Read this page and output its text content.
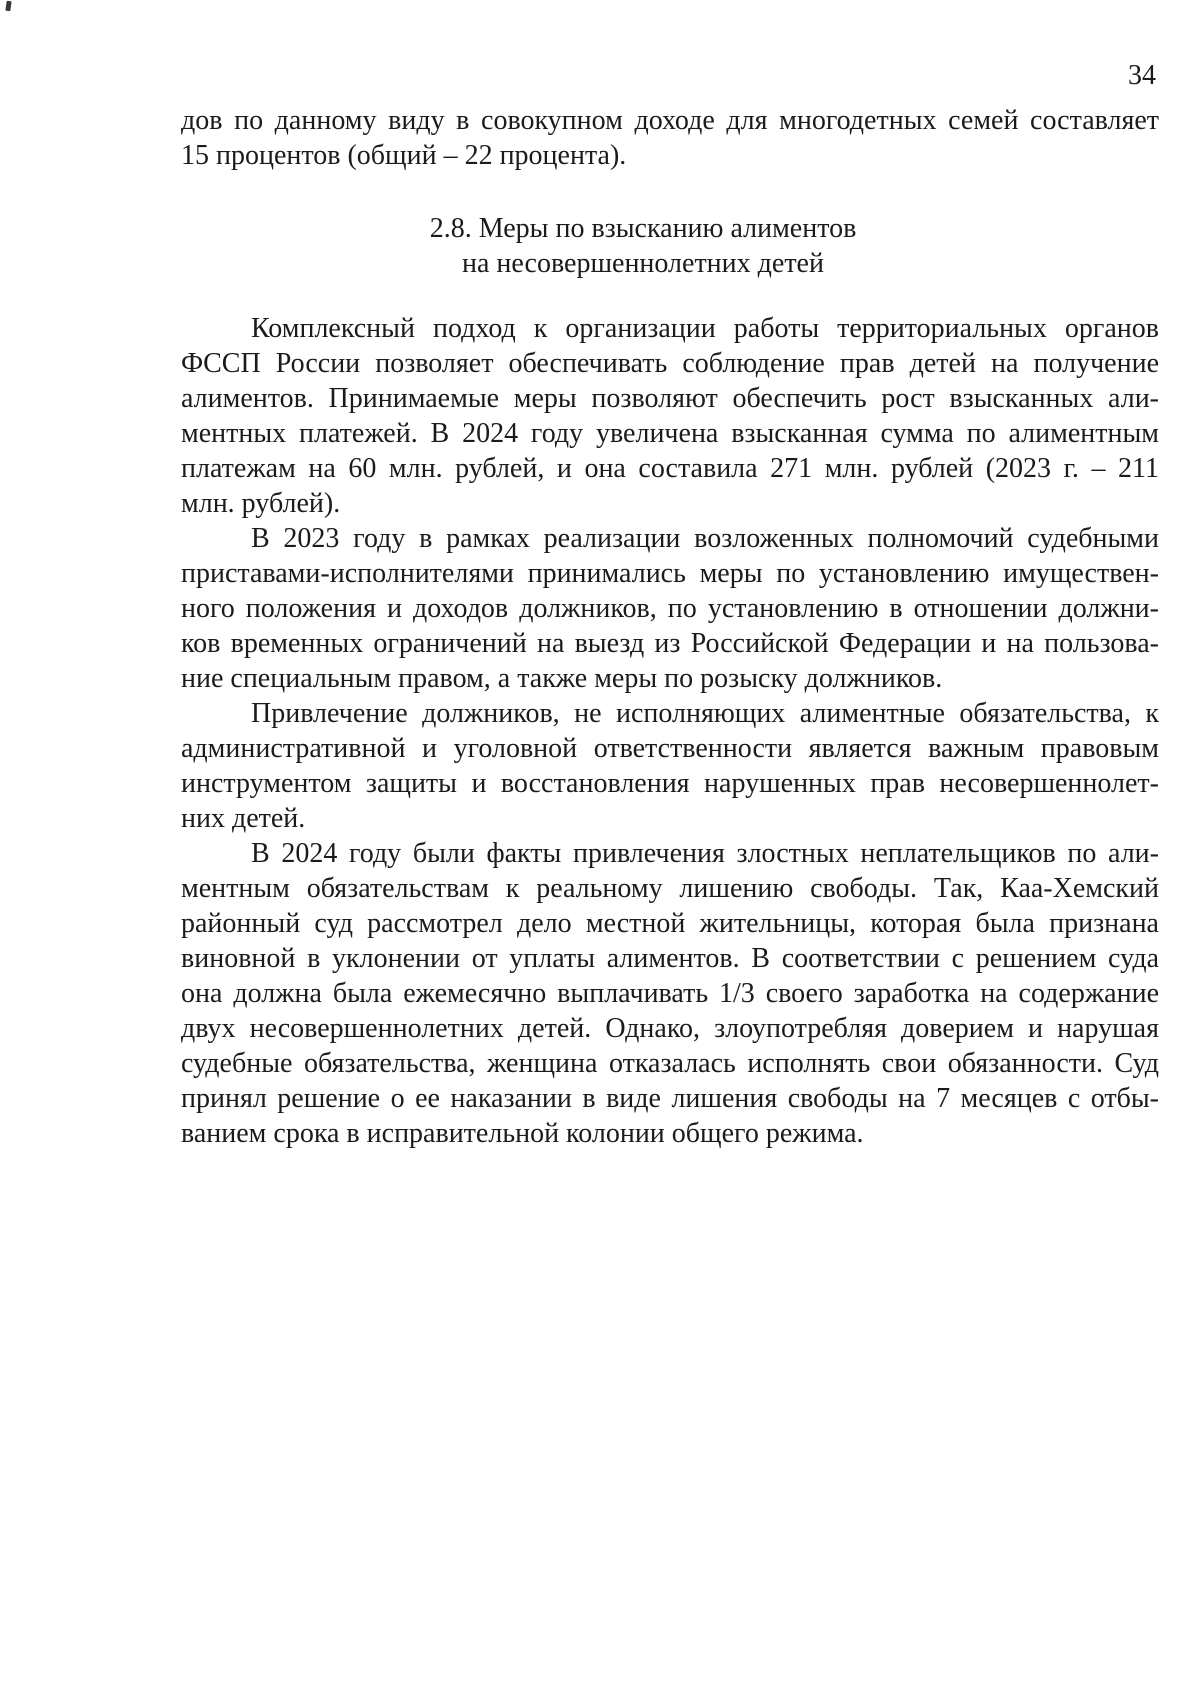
34
дов по данному виду в совокупном доходе для многодетных семей составляет
15 процентов (общий – 22 процента).
2.8. Меры по взысканию алиментов
на несовершеннолетних детей
Комплексный подход к организации работы территориальных органов
ФССП России позволяет обеспечивать соблюдение прав детей на получение
алиментов. Принимаемые меры позволяют обеспечить рост взысканных али-
ментных платежей. В 2024 году увеличена взысканная сумма по алиментным
платежам на 60 млн. рублей, и она составила 271 млн. рублей (2023 г. – 211
млн. рублей).
В 2023 году в рамках реализации возложенных полномочий судебными
приставами-исполнителями принимались меры по установлению имуществен-
ного положения и доходов должников, по установлению в отношении должни-
ков временных ограничений на выезд из Российской Федерации и на пользова-
ние специальным правом, а также меры по розыску должников.
Привлечение должников, не исполняющих алиментные обязательства, к
административной и уголовной ответственности является важным правовым
инструментом защиты и восстановления нарушенных прав несовершеннолет-
них детей.
В 2024 году были факты привлечения злостных неплательщиков по али-
ментным обязательствам к реальному лишению свободы. Так, Каа-Хемский
районный суд рассмотрел дело местной жительницы, которая была признана
виновной в уклонении от уплаты алиментов. В соответствии с решением суда
она должна была ежемесячно выплачивать 1/3 своего заработка на содержание
двух несовершеннолетних детей. Однако, злоупотребляя доверием и нарушая
судебные обязательства, женщина отказалась исполнять свои обязанности. Суд
принял решение о ее наказании в виде лишения свободы на 7 месяцев с отбы-
ванием срока в исправительной колонии общего режима.
